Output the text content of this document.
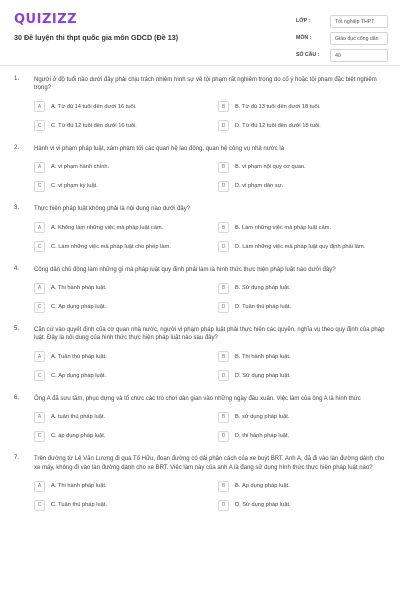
QUIZIZZ
30 Đề luyện thi thpt quốc gia môn GDCD (Đề 13)
LỚP :	Tốt nghiệp THPT
MÔN :	Giáo dục công dân
SỐ CÂU :	40
1. Người ở độ tuổi nào dưới đây phải chịu trách nhiệm hình sự về tội phạm rất nghiêm trọng do cố ý hoặc tội phạm đặc biệt nghiêm trọng?
A	A. Từ đủ 14 tuổi đến dưới 16 tuổi.	B	B. Từ đủ 13 tuổi đến dưới 18 tuổi.
C	C. Từ đủ 12 tuổi đến dưới 16 tuổi.	D	D. Từ đủ 12 tuổi đến dưới 18 tuổi.
2. Hành vi vi phạm pháp luật, xâm phạm tới các quan hệ lao động, quan hệ công vụ nhà nước là
A	A. vi phạm hành chính.	B	B. vi phạm nội quy cơ quan.
C	C. vi phạm kỷ luật.	D	D. vi phạm dân sự.
3. Thực hiện pháp luật không phải là nội dung nào dưới đây?
A	A. Không làm những việc mà pháp luật cấm.	B	B. Làm những việc mà pháp luật cấm.
C	C. Làm những việc mà pháp luật cho phép làm.	D	D. Làm những việc mà pháp luật quy định phải làm.
4. Công dân chủ động làm những gì mà pháp luật quy định phải làm là hình thức thực hiện pháp luật nào dưới đây?
A	A. Thi hành pháp luật.	B	B. Sử dụng pháp luật.
C	C. Áp dụng pháp luật.	D	D. Tuân thủ pháp luật.
5. Căn cứ vào quyết định của cơ quan nhà nước, người vi phạm pháp luật phải thực hiện các quyền, nghĩa vụ theo quy định của pháp luật. Đây là nội dung của hình thức thực hiện pháp luật nào sau đây?
A	A. Tuân thủ pháp luật.	B	B. Thi hành pháp luật.
C	C. Áp dụng pháp luật.	D	D. Sử dụng pháp luật.
6. Ông A đã sưu tầm, phục dựng và tổ chức các trò chơi dân gian vào những ngày đầu xuân. Việc làm của ông A là hình thức
A	A. tuân thủ pháp luật.	B	B. sử dụng pháp luật.
C	C. áp dụng pháp luật.	D	D. thi hành pháp luật.
7. Trên đường từ Lê Văn Lương đi qua Tố Hữu, đoạn đường có dải phân cách của xe buýt BRT. Anh A, đã đi vào làn đường dành cho xe máy, không đi vào làn đường dành cho xe BRT. Việc làm này của anh A là đang sử dụng hình thức thực hiện pháp luật nào?
A	A. Thi hành pháp luật.	B	B. Áp dụng pháp luật.
C	C. Tuân thủ pháp luật.	D	D. Sử dụng pháp luật.
